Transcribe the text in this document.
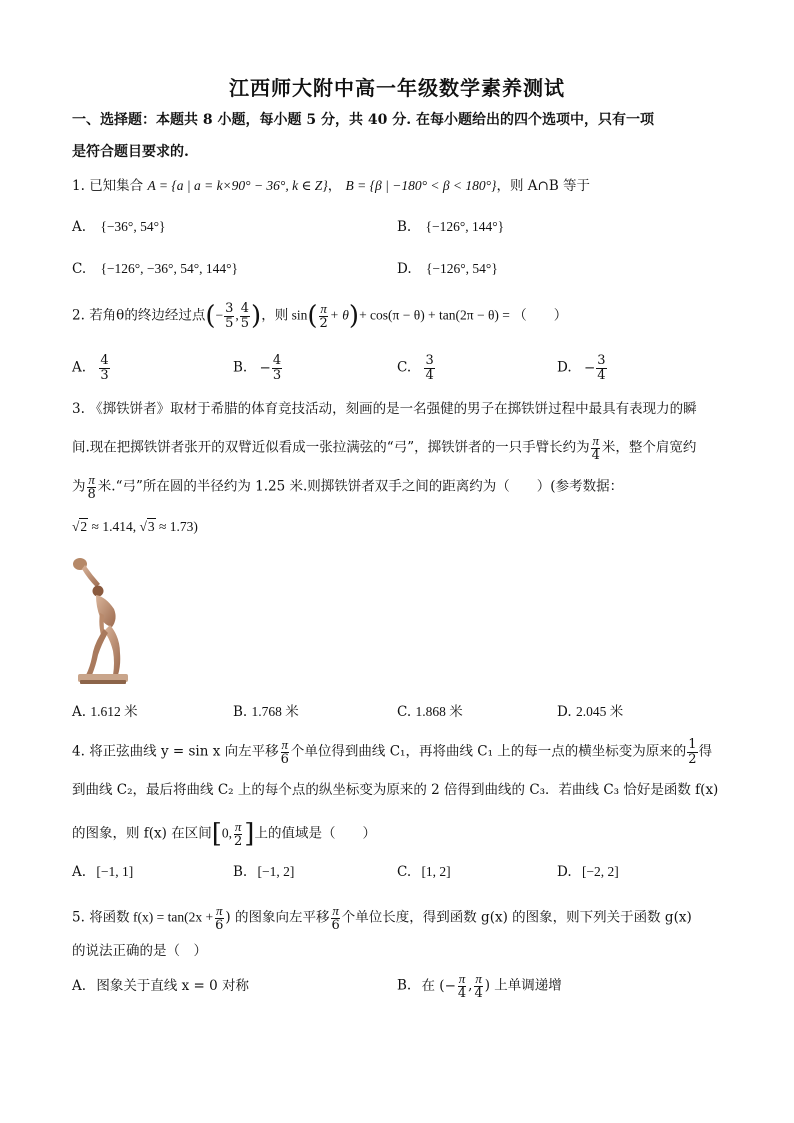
江西师大附中高一年级数学素养测试
一、选择题：本题共 8 小题，每小题 5 分，共 40 分. 在每小题给出的四个选项中，只有一项
是符合题目要求的.
1. 已知集合 A = {a | a = k×90° − 36°, k ∈ Z}， B = {β | −180° < β < 180°}，则 A∩B 等于
A. {−36°, 54°}	B. {−126°, 144°}
C. {−126°, −36°, 54°, 144°}	D. {−126°, 54°}
2. 若角θ的终边经过点(− $\frac{3}{5}$ , $\frac{4}{5}$ )，则 $\sin( \frac{\pi}{2} + \theta)+ \cos(\pi - \theta) + \tan(2\pi - \theta)$ = （　　）
A. $\frac{4}{3}$	B. − $\frac{4}{3}$	C. $\frac{3}{4}$	D. − $\frac{3}{4}$
3. 《掷铁饼者》取材于希腊的体育竞技活动，刻画的是一名强健的男子在掷铁饼过程中最具有表现力的瞬
间.现在把掷铁饼者张开的双臂近似看成一张拉满弦的“弓”，掷铁饼者的一只手臂长约为 $\frac{\pi}{4}$ 米，整个肩宽约
为 $\frac{\pi}{8}$ 米.“弓”所在圆的半径约为 1.25 米.则掷铁饼者双手之间的距离约为（　　）(参考数据：
√2 ≈ 1.414, √3 ≈ 1.73)
A. 1.612 米	B. 1.768 米	C. 1.868 米	D. 2.045 米
4. 将正弦曲线 y = sin x 向左平移 $\frac{\pi}{6}$ 个单位得到曲线 C₁，再将曲线 C₁ 上的每一点的横坐标变为原来的 $\frac{1}{2}$ 得
到曲线 C₂，最后将曲线 C₂ 上的每个点的纵坐标变为原来的 2 倍得到曲线的 C₃．若曲线 C₃ 恰好是函数 f(x)
的图象，则 f(x) 在区间[0, $\frac{\pi}{2}$ ]上的值域是（　　）
A. [−1, 1]	B. [−1, 2]	C. [1, 2]	D. [−2, 2]
5. 将函数 $f(x) = \tan(2x + \frac{\pi}{6}$ ) 的图象向左平移 $\frac{\pi}{6}$ 个单位长度，得到函数 g(x) 的图象，则下列关于函数 g(x)
的说法正确的是（　）
A. 图象关于直线 x = 0 对称	B. 在 (− $\frac{\pi}{4}$ , $\frac{\pi}{4}$ ) 上单调递增
